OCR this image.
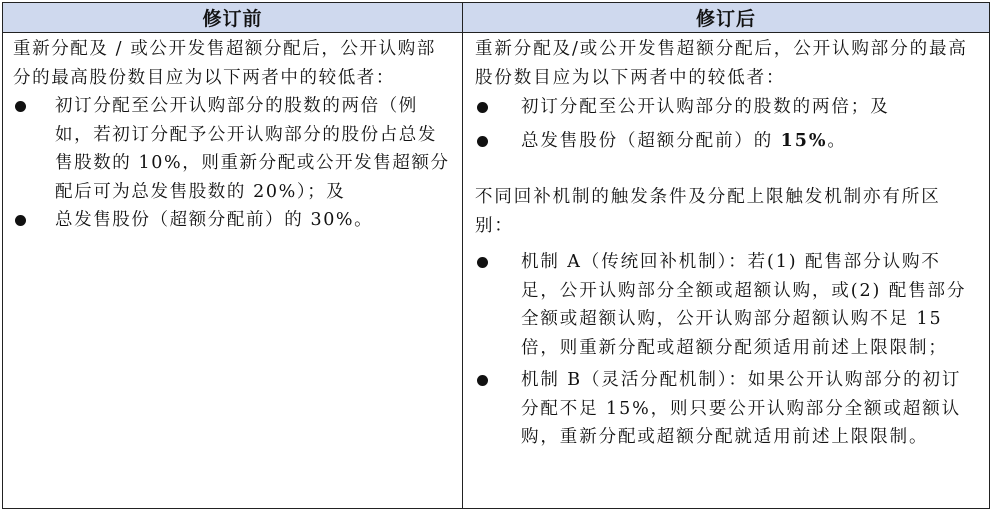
修订前	修订后

重新分配及 / 或公开发售超额分配后，公开认购部分的最高股份数目应为以下两者中的较低者：

初订分配至公开认购部分的股数的两倍（例如，若初订分配予公开认购部分的股份占总发售股数的 10%，则重新分配或公开发售超额分配后可为总发售股数的 20%）；及
总发售股份（超额分配前）的 30%。

重新分配及/或公开发售超额分配后，公开认购部分的最高股份数目应为以下两者中的较低者：

初订分配至公开认购部分的股数的两倍；及
总发售股份（超额分配前）的 15%。

不同回补机制的触发条件及分配上限触发机制亦有所区别：

机制 A（传统回补机制）：若(1) 配售部分认购不足，公开认购部分全额或超额认购，或(2) 配售部分全额或超额认购，公开认购部分超额认购不足 15 倍，则重新分配或超额分配须适用前述上限限制；
机制 B（灵活分配机制）：如果公开认购部分的初订分配不足 15%，则只要公开认购部分全额或超额认购，重新分配或超额分配就适用前述上限限制。
